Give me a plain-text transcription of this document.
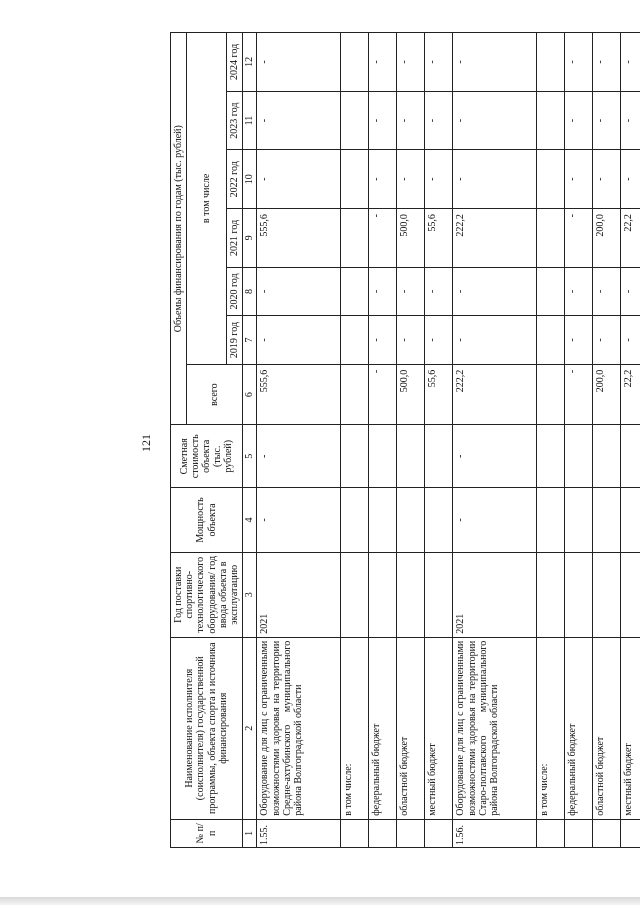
121
№ п/п	Наименование исполнителя (соисполнителя) государственной программы, объекта спорта и источника финансирования	Год поставки спортивно-технологического оборудования/ год ввода объекта в эксплуатацию	Мощность объекта	Сметная стоимость объекта (тыс. рублей)	Объемы финансирования по годам (тыс. рублей)						
					всего	в том числе					
						2019 год	2020 год	2021 год	2022 год	2023 год	2024 год
1	2	3	4	5	6	7	8	9	10	11	12
1.55.	Оборудование для лиц с ограниченными возможностями здоровья на территории Средне-ахтубинского муниципального района Волгоградской области	2021	-	-	555,6	-	-	555,6	-	-	-
	в том числе:										
	федеральный бюджет				-	-	-	-	-	-	-
	областной бюджет				500,0	-	-	500,0	-	-	-
	местный бюджет				55,6	-	-	55,6	-	-	-
1.56.	Оборудование для лиц с ограниченными возможностями здоровья на территории Старо-полтавского муниципального района Волгоградской области	2021	-	-	222,2	-	-	222,2	-	-	-
	в том числе:										
	федеральный бюджет				-	-	-	-	-	-	-
	областной бюджет				200,0	-	-	200,0	-	-	-
	местный бюджет				22,2	-	-	22,2	-	-	-
